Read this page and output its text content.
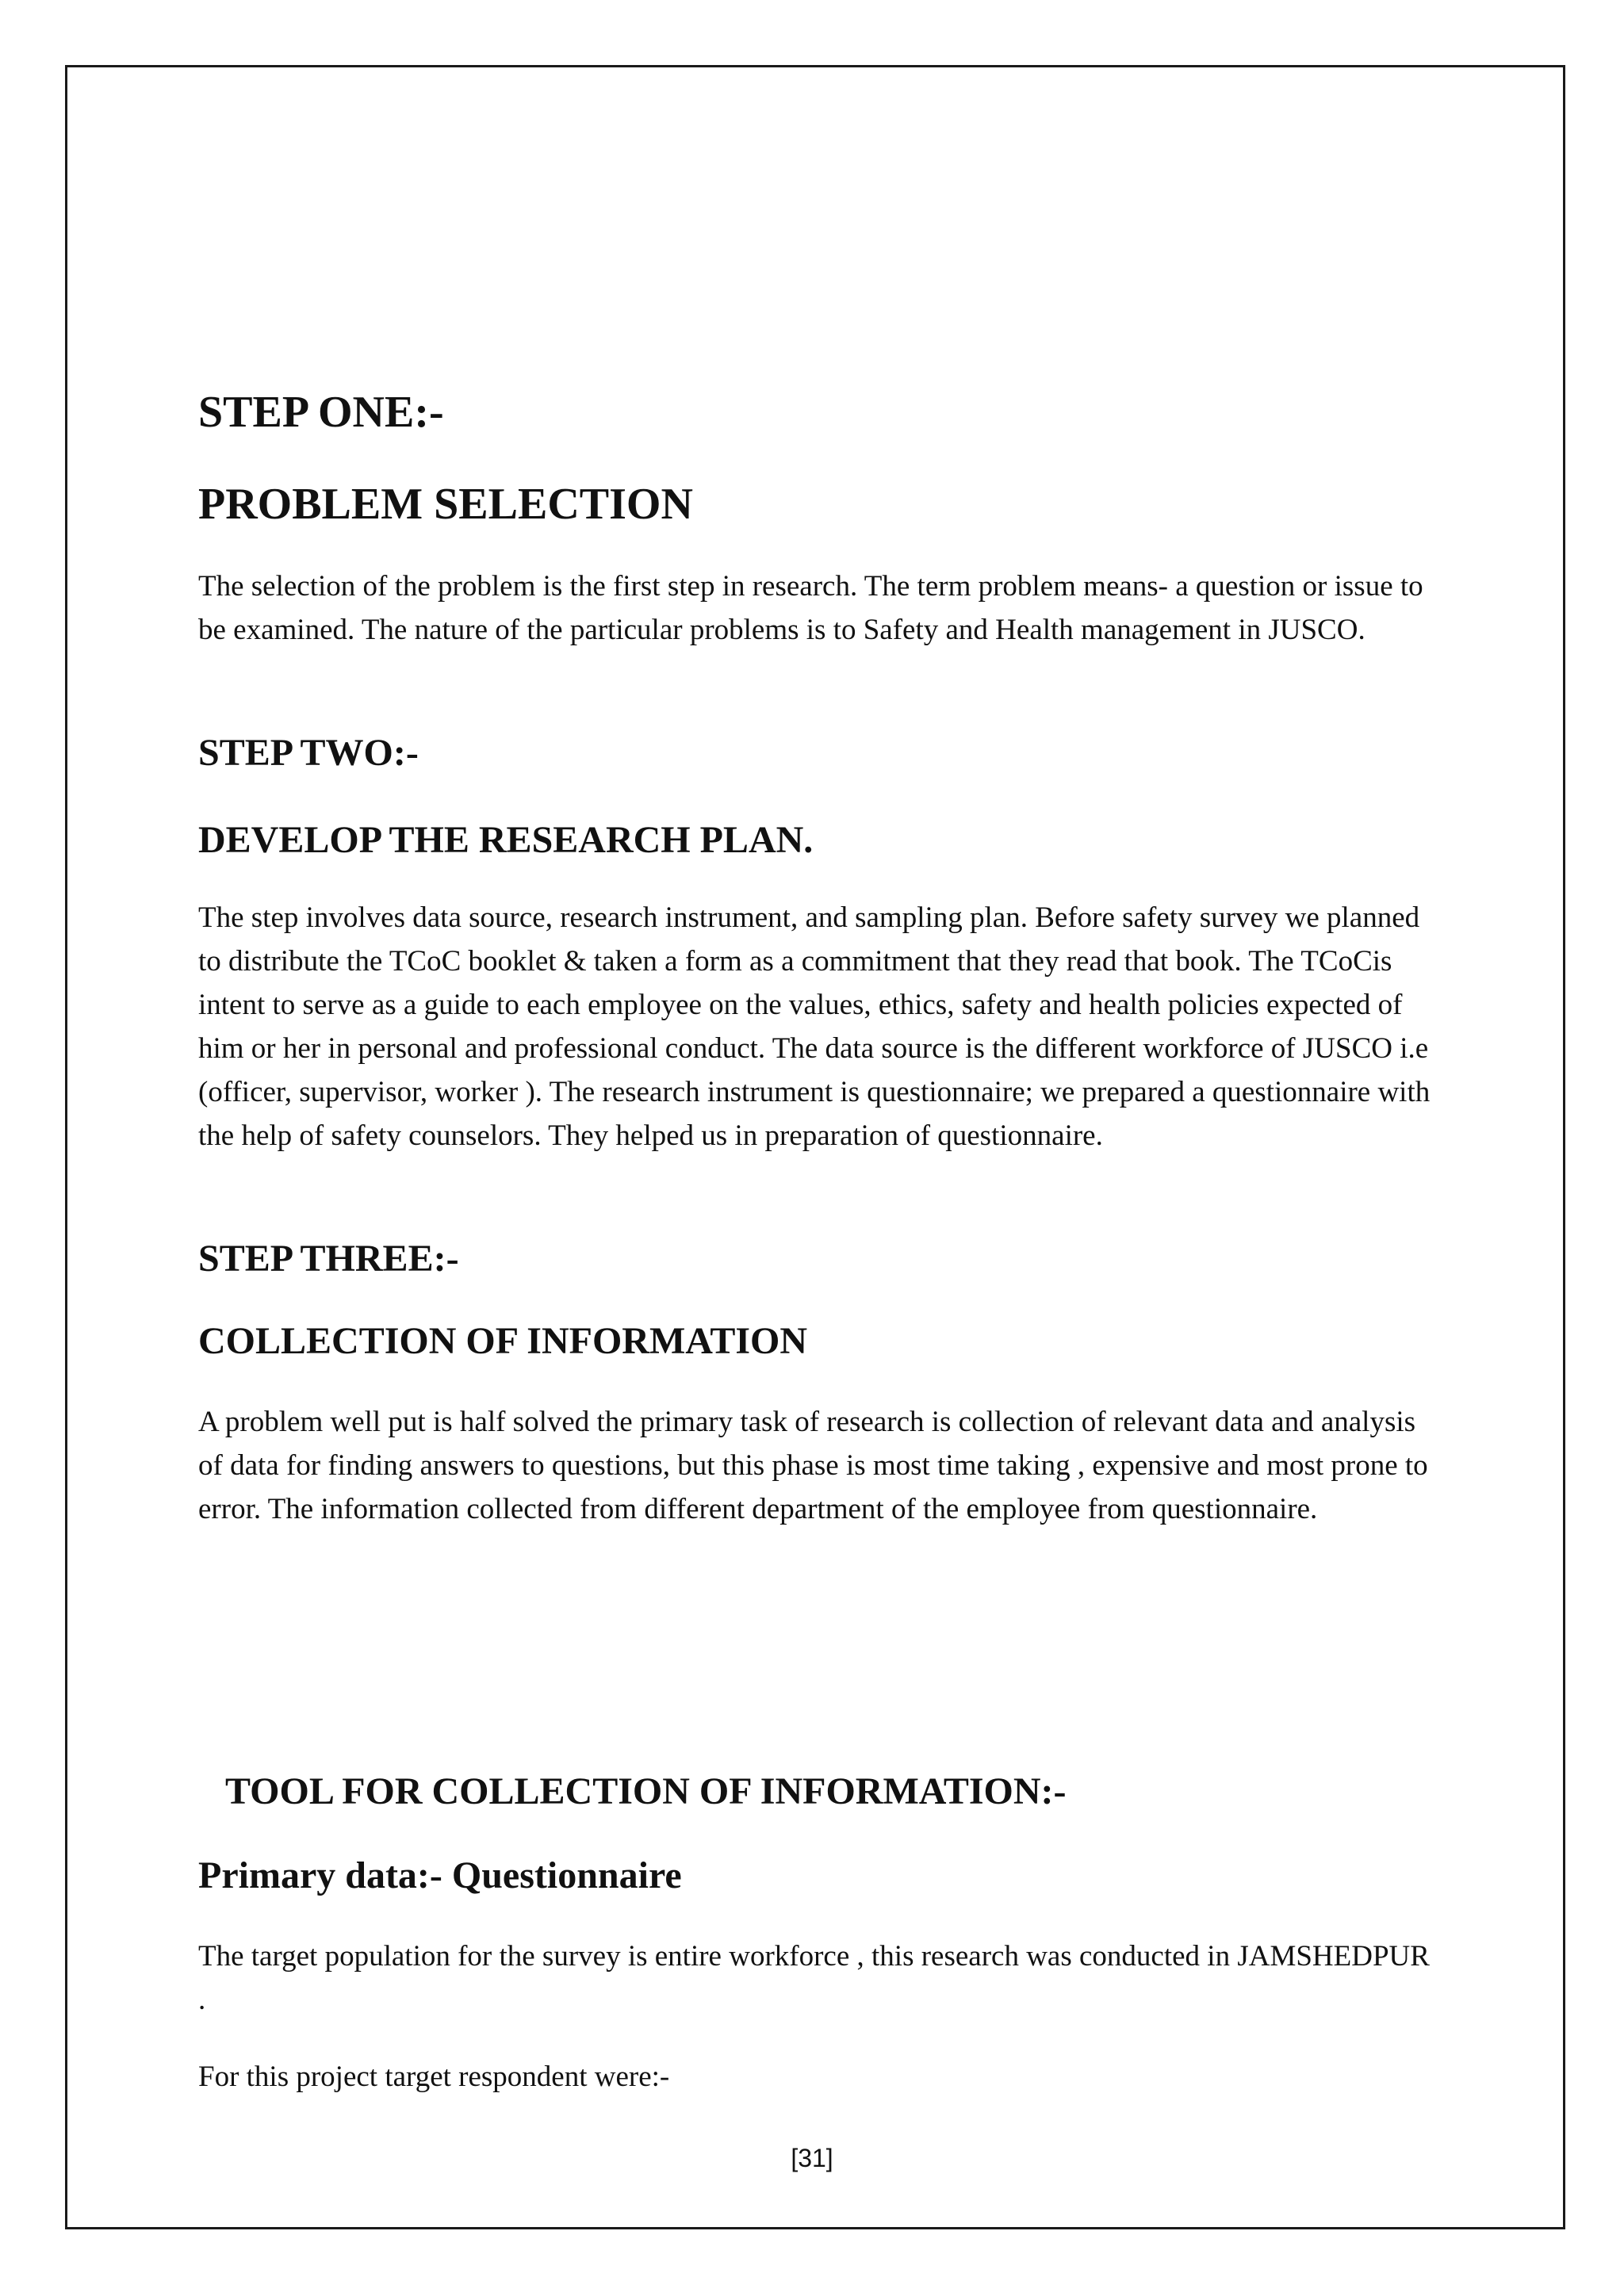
STEP ONE:-
PROBLEM SELECTION

The selection of the problem is the first step in research. The term problem means- a question or issue to be examined. The nature of the particular problems is to Safety and Health management in JUSCO.

STEP TWO:-
DEVELOP THE RESEARCH PLAN.

The step involves data source, research instrument, and sampling plan. Before safety survey we planned to distribute the TCoC booklet & taken a form as a commitment that they read that book. The TCoCis intent to serve as a guide to each employee on the values, ethics, safety and health policies expected of him or her in personal and professional conduct. The data source is the different workforce of JUSCO i.e (officer, supervisor, worker ). The research instrument is questionnaire; we prepared a questionnaire with the help of safety counselors. They helped us in preparation of questionnaire.

STEP THREE:-
COLLECTION OF INFORMATION

A problem well put is half solved the primary task of research is collection of relevant data and analysis of data for finding answers to questions, but this phase is most time taking , expensive and most prone to error. The information collected from different department of the employee from questionnaire.

TOOL FOR COLLECTION OF INFORMATION:-
Primary data:- Questionnaire

The target population for the survey is entire workforce , this research was conducted in JAMSHEDPUR .

For this project target respondent were:-

[31]
